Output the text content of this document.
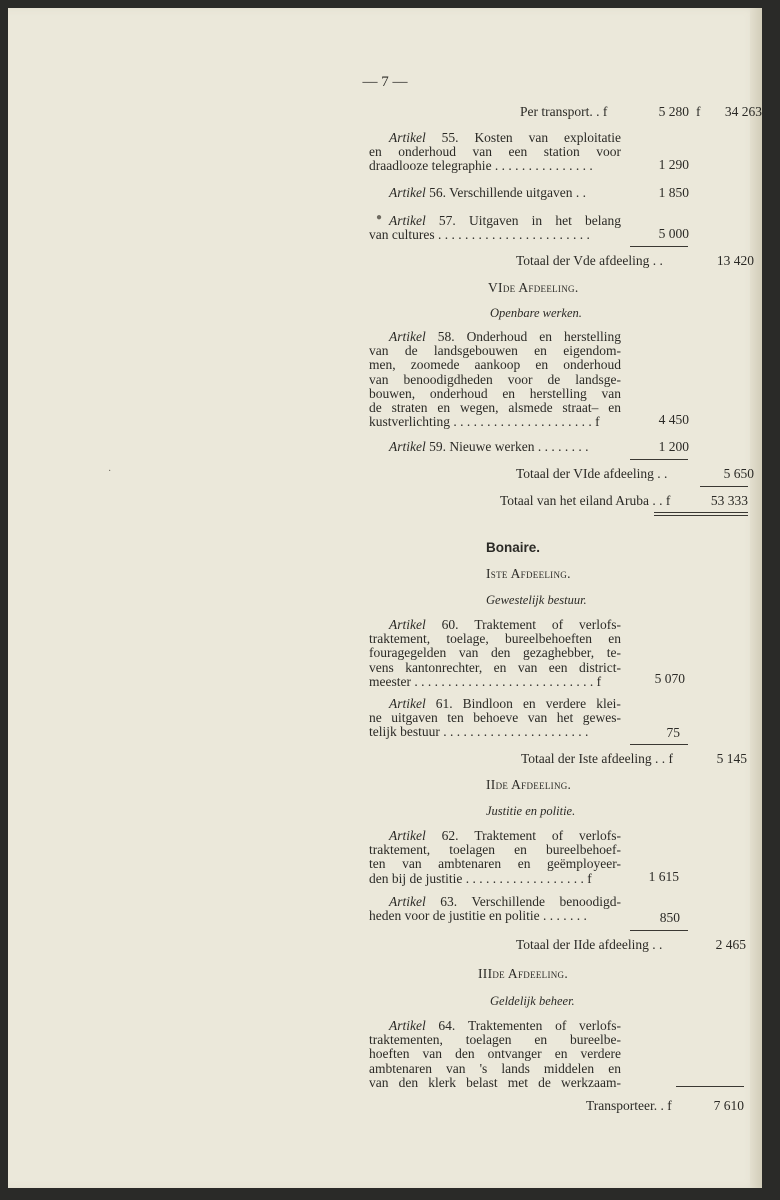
— 7 —
Per transport. . f	5 280 f	34 263
Artikel 55. Kosten van exploitatie
en onderhoud van een station voor
draadlooze telegraphie . . . . . . . . . . . . . . .	1 290
Artikel 56. Verschillende uitgaven . .	1 850
● Artikel 57. Uitgaven in het belang
van cultures . . . . . . . . . . . . . . . . . . . . . . .	5 000
Totaal der Vde afdeeling . .	13 420
VIde Afdeeling.
Openbare werken.
Artikel 58. Onderhoud en herstelling
van de landsgebouwen en eigendom-
men, zoomede aankoop en onderhoud
van benoodigdheden voor de landsge-
bouwen, onderhoud en herstelling van
de straten en wegen, alsmede straat– en
kustverlichting . . . . . . . . . . . . . . . . . . . . . f	4 450
Artikel 59. Nieuwe werken . . . . . . . .	1 200
Totaal der VIde afdeeling . .	5 650
·
Totaal van het eiland Aruba . . f	53 333
Bonaire.
Iste Afdeeling.
Gewestelijk bestuur.
Artikel 60. Traktement of verlofs-
traktement, toelage, bureelbehoeften en
fouragegelden van den gezaghebber, te-
vens kantonrechter, en van een district-
meester . . . . . . . . . . . . . . . . . . . . . . . . . . . f	5 070
Artikel 61. Bindloon en verdere klei-
ne uitgaven ten behoeve van het gewes-
telijk bestuur . . . . . . . . . . . . . . . . . . . . . .	75
Totaal der Iste afdeeling . . f	5 145
IIde Afdeeling.
Justitie en politie.
Artikel 62. Traktement of verlofs-
traktement, toelagen en bureelbehoef-
ten van ambtenaren en geëmployeer-
den bij de justitie . . . . . . . . . . . . . . . . . . f	1 615
Artikel 63. Verschillende benoodigd-
heden voor de justitie en politie . . . . . . .	850
Totaal der IIde afdeeling . .	2 465
IIIde Afdeeling.
Geldelijk beheer.
Artikel 64. Traktementen of verlofs-
traktementen, toelagen en bureelbe-
hoeften van den ontvanger en verdere
ambtenaren van 's lands middelen en
van den klerk belast met de werkzaam-
Transporteer. . f	7 610
